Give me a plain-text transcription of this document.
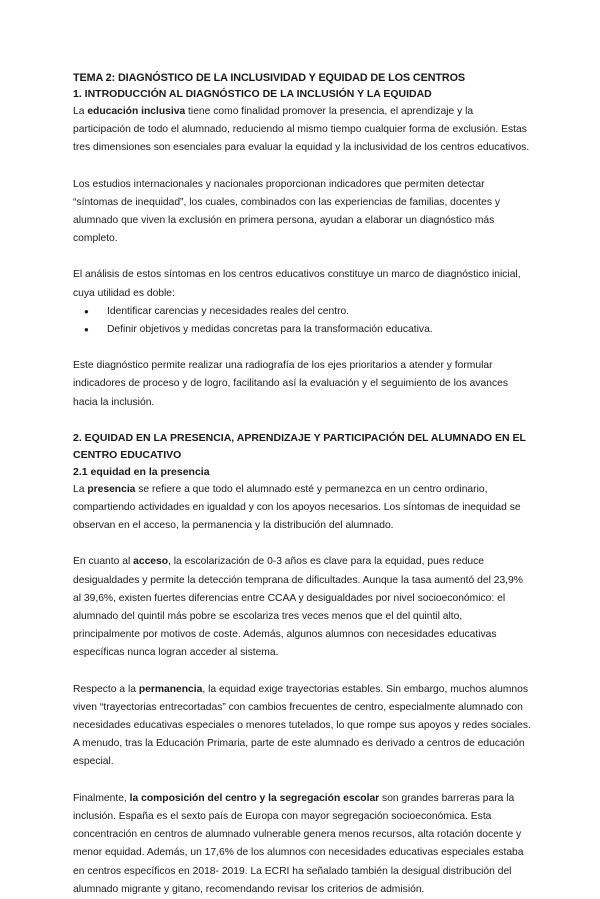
TEMA 2: DIAGNÓSTICO DE LA INCLUSIVIDAD Y EQUIDAD DE LOS CENTROS
1. INTRODUCCIÓN AL DIAGNÓSTICO DE LA INCLUSIÓN Y LA EQUIDAD

La educación inclusiva tiene como finalidad promover la presencia, el aprendizaje y la participación de todo el alumnado, reduciendo al mismo tiempo cualquier forma de exclusión. Estas tres dimensiones son esenciales para evaluar la equidad y la inclusividad de los centros educativos.

Los estudios internacionales y nacionales proporcionan indicadores que permiten detectar “síntomas de inequidad”, los cuales, combinados con las experiencias de familias, docentes y alumnado que viven la exclusión en primera persona, ayudan a elaborar un diagnóstico más completo.

El análisis de estos síntomas en los centros educativos constituye un marco de diagnóstico inicial, cuya utilidad es doble:

● Identificar carencias y necesidades reales del centro.
● Definir objetivos y medidas concretas para la transformación educativa.

Este diagnóstico permite realizar una radiografía de los ejes prioritarios a atender y formular indicadores de proceso y de logro, facilitando así la evaluación y el seguimiento de los avances hacia la inclusión.

2. EQUIDAD EN LA PRESENCIA, APRENDIZAJE Y PARTICIPACIÓN DEL ALUMNADO EN EL CENTRO EDUCATIVO
2.1 equidad en la presencia

La presencia se refiere a que todo el alumnado esté y permanezca en un centro ordinario, compartiendo actividades en igualdad y con los apoyos necesarios. Los síntomas de inequidad se observan en el acceso, la permanencia y la distribución del alumnado.

En cuanto al acceso, la escolarización de 0-3 años es clave para la equidad, pues reduce desigualdades y permite la detección temprana de dificultades. Aunque la tasa aumentó del 23,9% al 39,6%, existen fuertes diferencias entre CCAA y desigualdades por nivel socioeconómico: el alumnado del quintil más pobre se escolariza tres veces menos que el del quintil alto, principalmente por motivos de coste. Además, algunos alumnos con necesidades educativas específicas nunca logran acceder al sistema.

Respecto a la permanencia, la equidad exige trayectorias estables. Sin embargo, muchos alumnos viven “trayectorias entrecortadas” con cambios frecuentes de centro, especialmente alumnado con necesidades educativas especiales o menores tutelados, lo que rompe sus apoyos y redes sociales. A menudo, tras la Educación Primaria, parte de este alumnado es derivado a centros de educación especial.

Finalmente, la composición del centro y la segregación escolar son grandes barreras para la inclusión. España es el sexto país de Europa con mayor segregación socioeconómica. Esta concentración en centros de alumnado vulnerable genera menos recursos, alta rotación docente y menor equidad. Además, un 17,6% de los alumnos con necesidades educativas especiales estaba en centros específicos en 2018- 2019. La ECRI ha señalado también la desigual distribución del alumnado migrante y gitano, recomendando revisar los criterios de admisión.
